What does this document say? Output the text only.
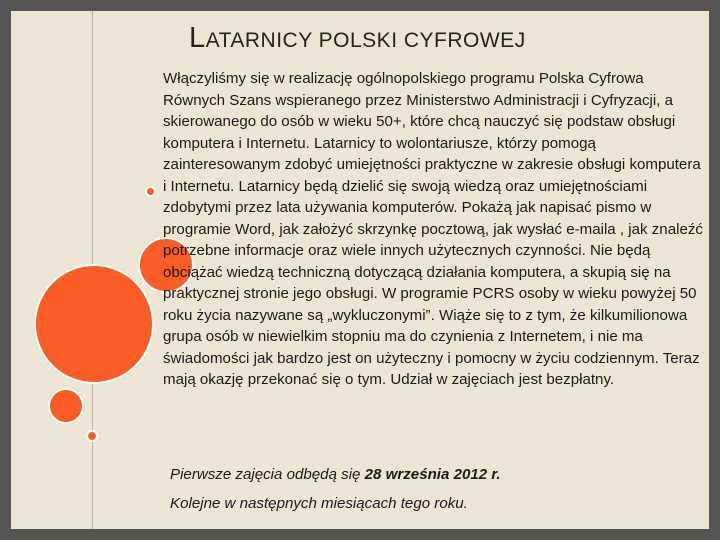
LATARNICY POLSKI CYFROWEJ
Włączyliśmy się w realizację ogólnopolskiego programu Polska Cyfrowa Równych Szans wspieranego przez Ministerstwo Administracji i Cyfryzacji, a skierowanego do osób w wieku 50+, które chcą nauczyć się podstaw obsługi komputera i Internetu. Latarnicy to wolontariusze, którzy pomogą zainteresowanym zdobyć umiejętności praktyczne w zakresie obsługi komputera i Internetu. Latarnicy będą dzielić się swoją wiedzą oraz umiejętnościami zdobytymi przez lata używania komputerów. Pokażą jak napisać pismo w programie Word, jak założyć skrzynkę pocztową, jak wysłać e-maila , jak znaleźć potrzebne informacje oraz wiele innych użytecznych czynności. Nie będą obciążać wiedzą techniczną dotyczącą działania komputera, a skupią się na praktycznej stronie jego obsługi. W programie PCRS osoby w wieku powyżej 50 roku życia nazywane są „wykluczonymi”. Wiąże się to z tym, że kilkumilionowa grupa osób w niewielkim stopniu ma do czynienia z Internetem, i nie ma świadomości jak bardzo jest on użyteczny i pomocny w życiu codziennym. Teraz mają okazję przekonać się o tym. Udział w zajęciach jest bezpłatny.
Pierwsze zajęcia odbędą się 28 września 2012 r.
Kolejne w następnych miesiącach tego roku.
